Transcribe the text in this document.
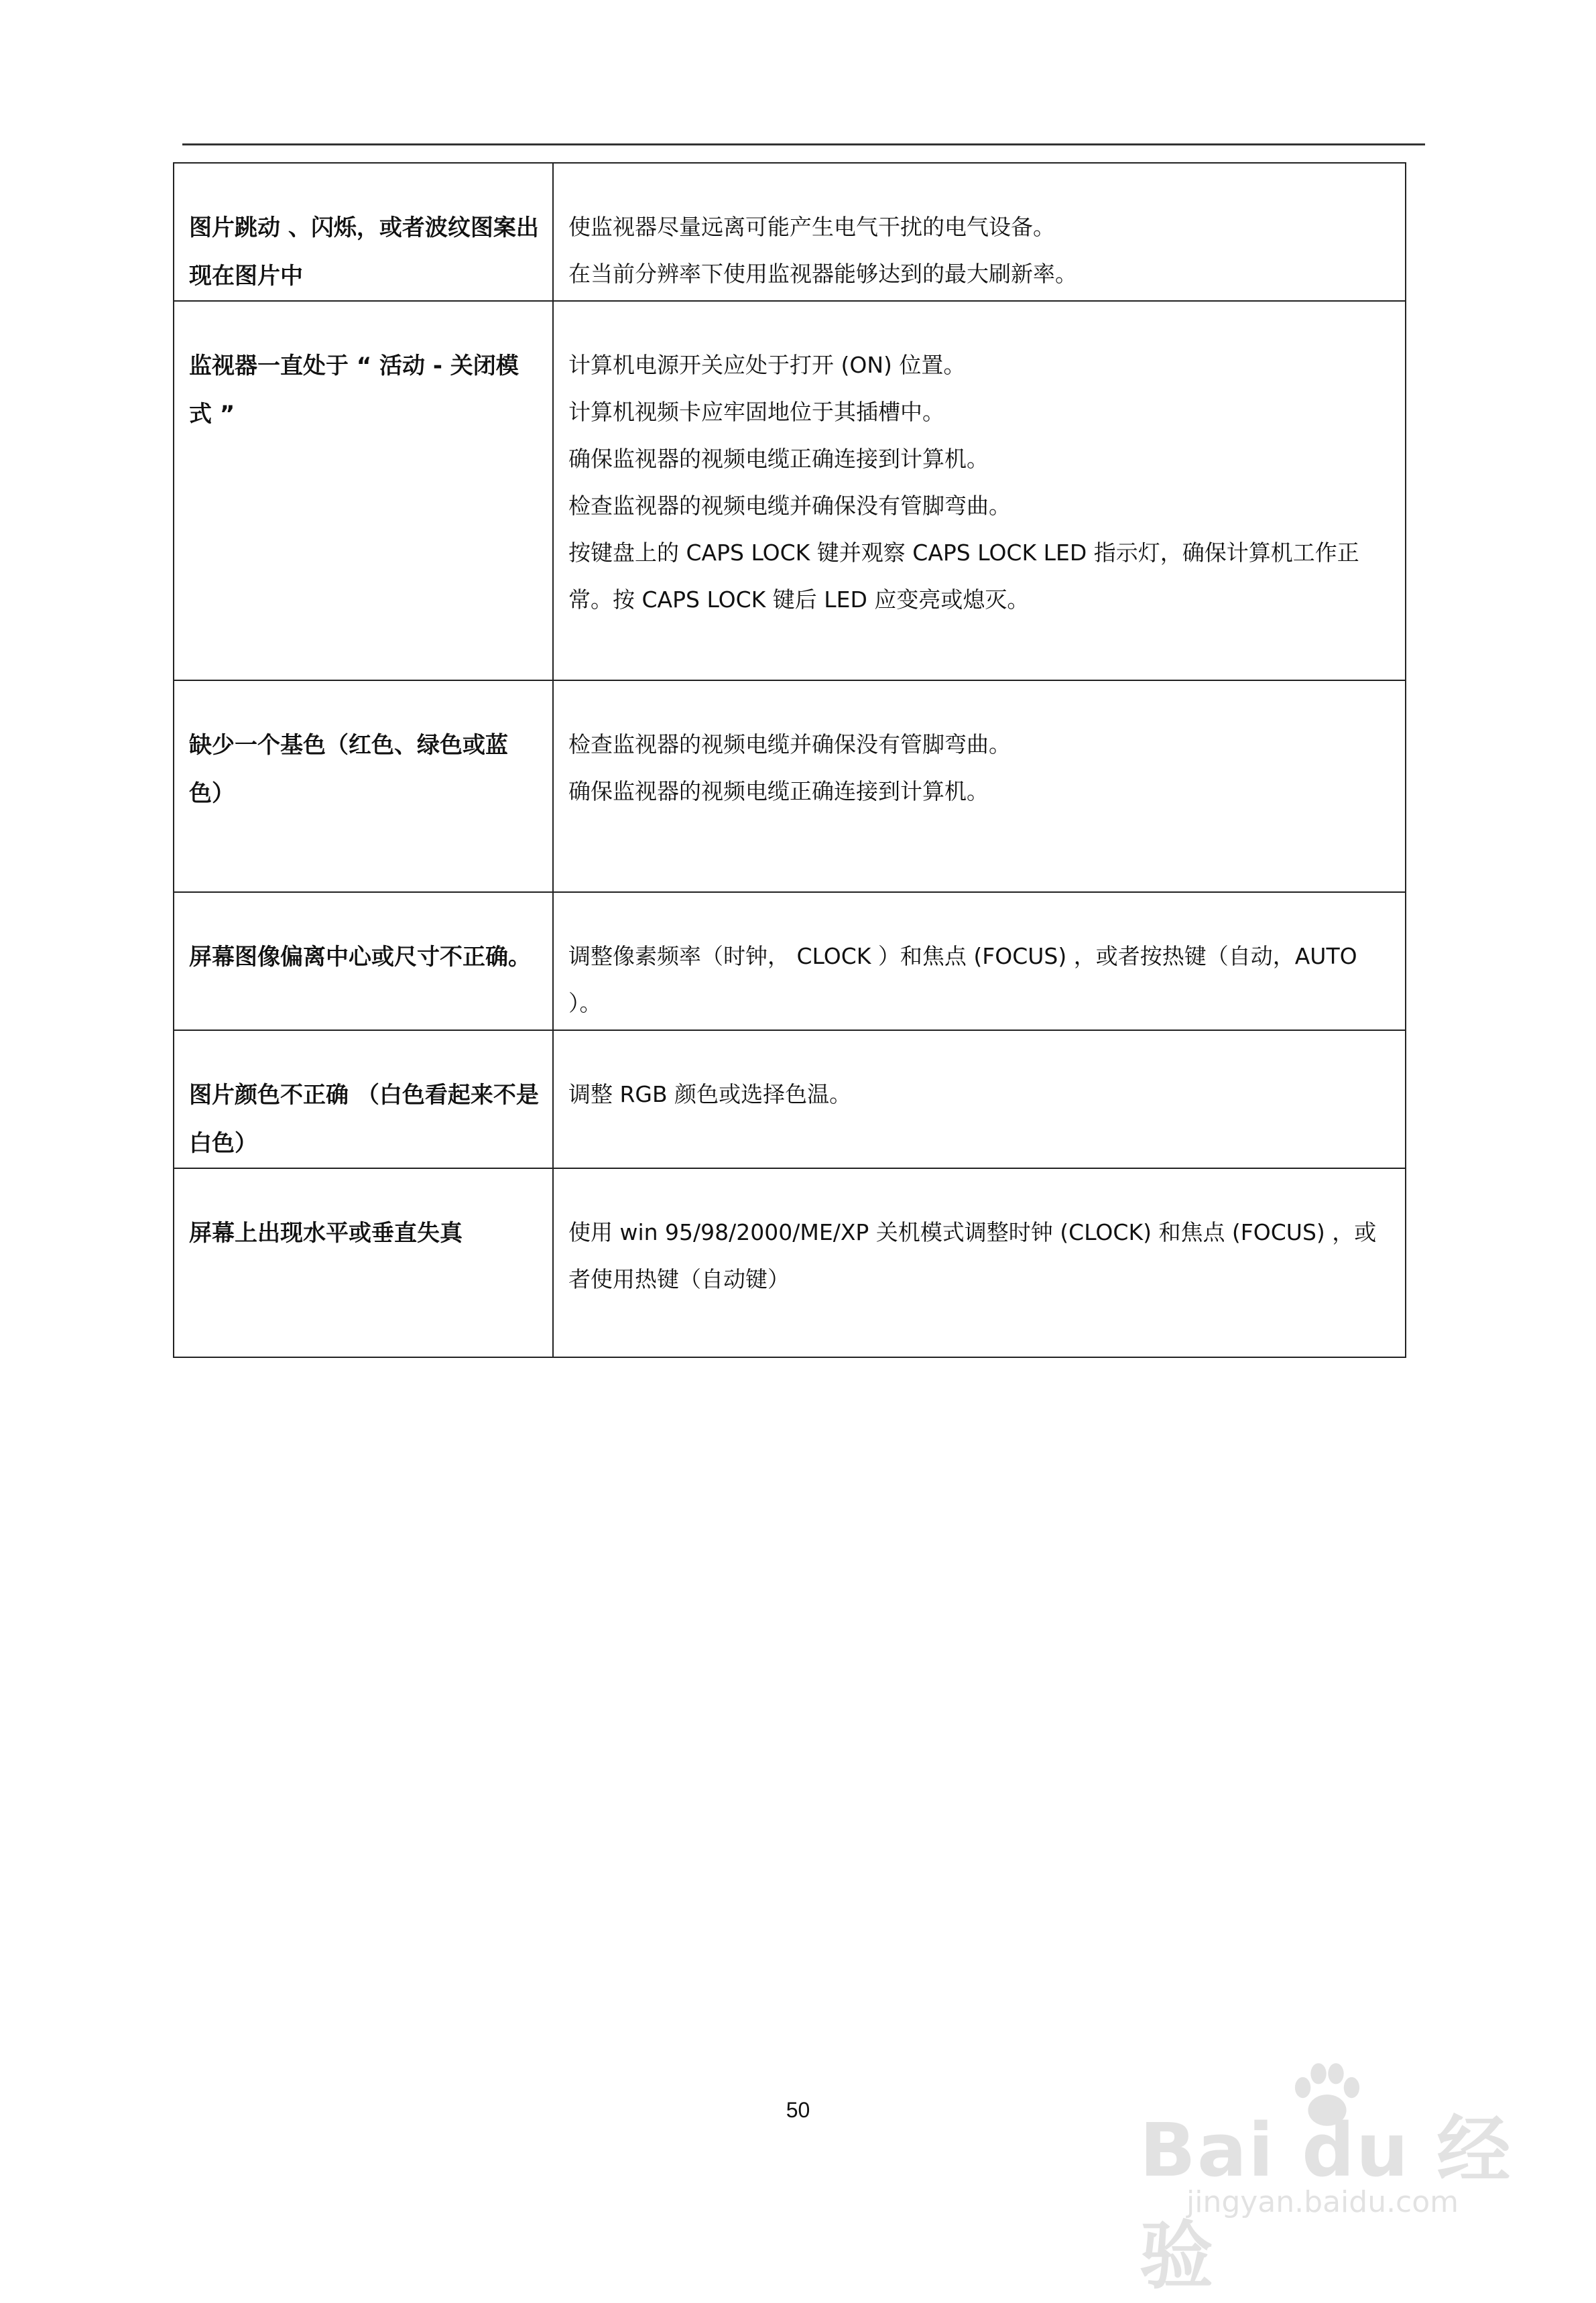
图片跳动 、闪烁，或者波纹图案出现在图片中	使监视器尽量远离可能产生电气干扰的电气设备。
在当前分辨率下使用监视器能够达到的最大刷新率。

监视器一直处于 “ 活动 - 关闭模式 ”	计算机电源开关应处于打开 (ON) 位置。
计算机视频卡应牢固地位于其插槽中。
确保监视器的视频电缆正确连接到计算机。
检查监视器的视频电缆并确保没有管脚弯曲。
按键盘上的 CAPS LOCK 键并观察 CAPS LOCK LED 指示灯，确保计算机工作正常。按 CAPS LOCK 键后 LED 应变亮或熄灭。

缺少一个基色（红色、绿色或蓝色）	检查监视器的视频电缆并确保没有管脚弯曲。
确保监视器的视频电缆正确连接到计算机。

屏幕图像偏离中心或尺寸不正确。	调整像素频率（时钟， CLOCK ）和焦点 (FOCUS) ，或者按热键（自动，AUTO ）。

图片颜色不正确 （白色看起来不是白色）	调整 RGB 颜色或选择色温。

屏幕上出现水平或垂直失真	使用 win 95/98/2000/ME/XP 关机模式调整时钟 (CLOCK) 和焦点 (FOCUS) ，或者使用热键（自动键）
50	Bai du 经验
jingyan.baidu.com
